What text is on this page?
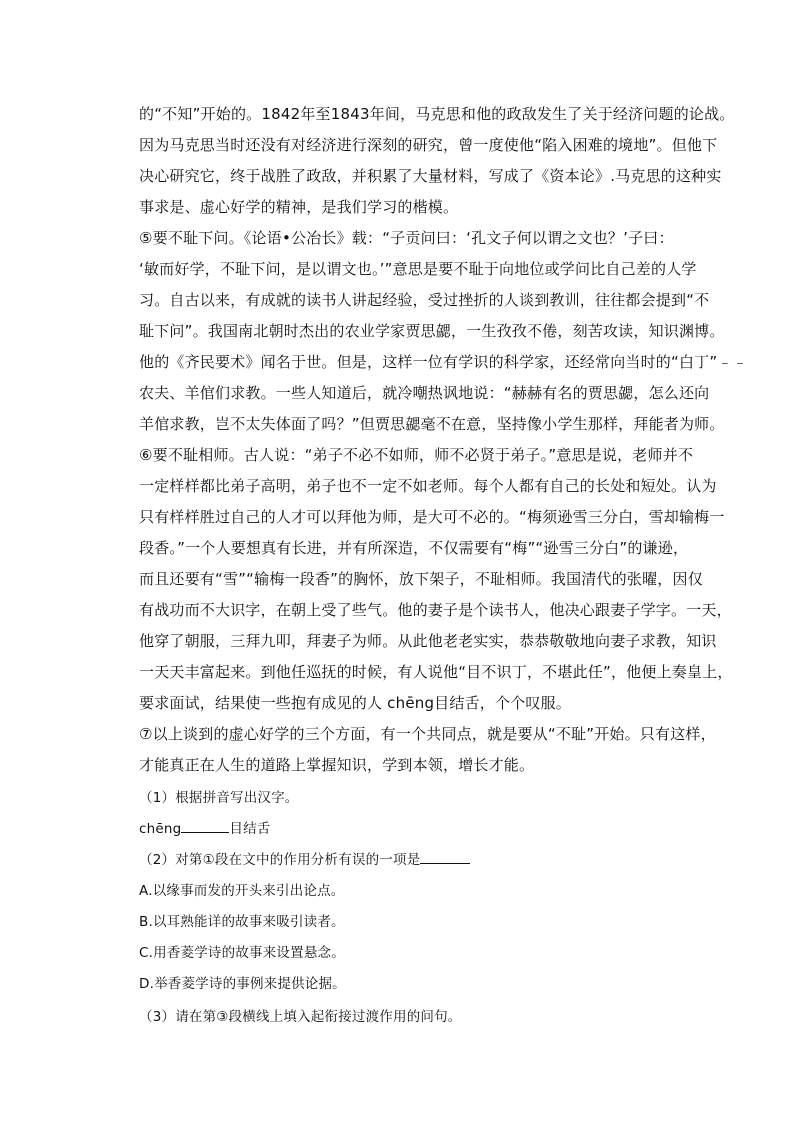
的“不知”开始的。1842年至1843年间，马克思和他的政敌发生了关于经济问题的论战。
因为马克思当时还没有对经济进行深刻的研究，曾一度使他“陷入困难的境地”。但他下
决心研究它，终于战胜了政敌，并积累了大量材料，写成了《资本论》.马克思的这种实
事求是、虚心好学的精神，是我们学习的楷模。
⑤要不耻下问。《论语•公冶长》载：“子贡问曰：‘孔文子何以谓之文也？’子曰：
‘敏而好学，不耻下问，是以谓文也。’”意思是要不耻于向地位或学问比自己差的人学
习。自古以来，有成就的读书人讲起经验，受过挫折的人谈到教训，往往都会提到“不
耻下问”。我国南北朝时杰出的农业学家贾思勰，一生孜孜不倦，刻苦攻读，知识渊博。
他的《齐民要术》闻名于世。但是，这样一位有学识的科学家，还经常向当时的“白丁”﹣﹣
农夫、羊倌们求教。一些人知道后，就冷嘲热讽地说：“赫赫有名的贾思勰，怎么还向
羊倌求教，岂不太失体面了吗？”但贾思勰毫不在意，坚持像小学生那样，拜能者为师。
⑥要不耻相师。古人说：“弟子不必不如师，师不必贤于弟子。”意思是说，老师并不
一定样样都比弟子高明，弟子也不一定不如老师。每个人都有自己的长处和短处。认为
只有样样胜过自己的人才可以拜他为师，是大可不必的。“梅须逊雪三分白，雪却输梅一
段香。”一个人要想真有长进，并有所深造，不仅需要有“梅”“逊雪三分白”的谦逊，
而且还要有“雪”“输梅一段香”的胸怀，放下架子，不耻相师。我国清代的张曜，因仅
有战功而不大识字，在朝上受了些气。他的妻子是个读书人，他决心跟妻子学字。一天，
他穿了朝服，三拜九叩，拜妻子为师。从此他老老实实，恭恭敬敬地向妻子求教，知识
一天天丰富起来。到他任巡抚的时候，有人说他“目不识丁，不堪此任”，他便上奏皇上，
要求面试，结果使一些抱有成见的人 chēng目结舌，个个叹服。
⑦以上谈到的虚心好学的三个方面，有一个共同点，就是要从“不耻”开始。只有这样，
才能真正在人生的道路上掌握知识，学到本领，增长才能。
（1）根据拼音写出汉字。
chēng	目结舌
（2）对第①段在文中的作用分析有误的一项是
A.以缘事而发的开头来引出论点。
B.以耳熟能详的故事来吸引读者。
C.用香菱学诗的故事来设置悬念。
D.举香菱学诗的事例来提供论据。
（3）请在第③段横线上填入起衔接过渡作用的问句。
